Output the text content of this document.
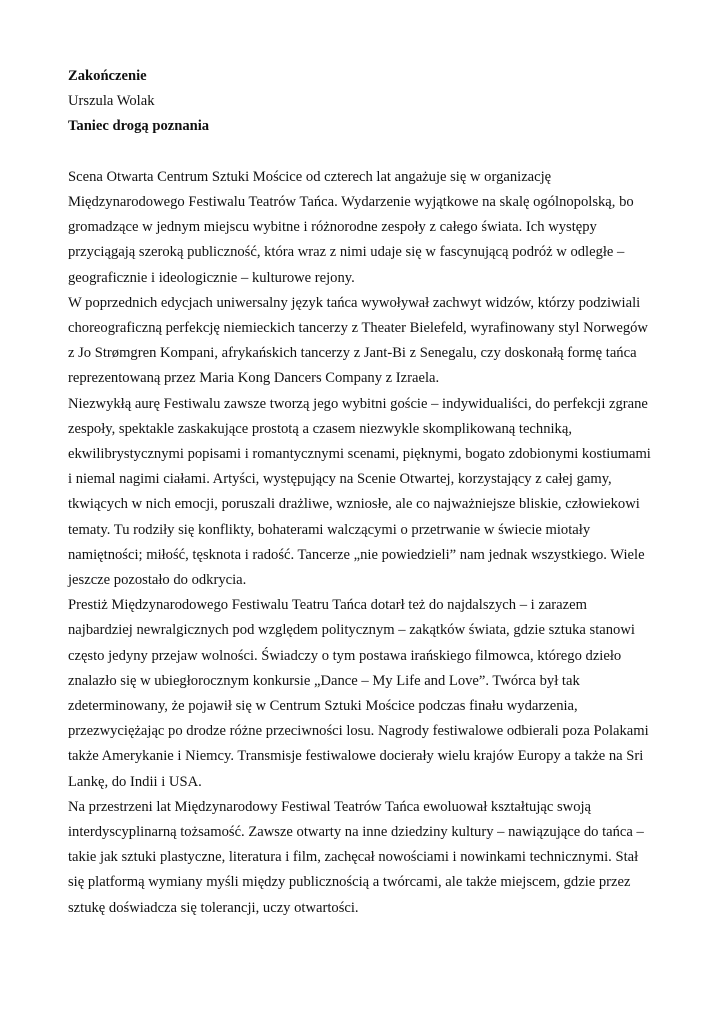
Zakończenie
Urszula Wolak
Taniec drogą poznania

Scena Otwarta Centrum Sztuki Mościce od czterech lat angażuje się w organizację
Międzynarodowego Festiwalu Teatrów Tańca. Wydarzenie wyjątkowe na skalę ogólnopolską, bo
gromadzące w jednym miejscu wybitne i różnorodne zespoły z całego świata. Ich występy
przyciągają szeroką publiczność, która wraz z nimi udaje się w fascynującą podróż w odległe –
geograficznie i ideologicznie – kulturowe rejony.

W poprzednich edycjach uniwersalny język tańca wywoływał zachwyt widzów, którzy podziwiali
choreograficzną perfekcję niemieckich tancerzy z Theater Bielefeld, wyrafinowany styl Norwegów
z Jo Strømgren Kompani, afrykańskich tancerzy z Jant-Bi z Senegalu, czy doskonałą formę tańca
reprezentowaną przez Maria Kong Dancers Company z Izraela.

Niezwykłą aurę Festiwalu zawsze tworzą jego wybitni goście – indywidualiści, do perfekcji zgrane
zespoły, spektakle zaskakujące prostotą a czasem niezwykle skomplikowaną techniką,
ekwilibrystycznymi popisami i romantycznymi scenami, pięknymi, bogato zdobionymi kostiumami
i niemal nagimi ciałami. Artyści, występujący na Scenie Otwartej, korzystający z całej gamy,
tkwiących w nich emocji, poruszali drażliwe, wzniosłe, ale co najważniejsze bliskie, człowiekowi
tematy. Tu rodziły się konflikty, bohaterami walczącymi o przetrwanie w świecie miotały
namiętności; miłość, tęsknota i radość. Tancerze „nie powiedzieli” nam jednak wszystkiego. Wiele
jeszcze pozostało do odkrycia.

Prestiż Międzynarodowego Festiwalu Teatru Tańca dotarł też do najdalszych – i zarazem
najbardziej newralgicznych pod względem politycznym – zakątków świata, gdzie sztuka stanowi
często jedyny przejaw wolności. Świadczy o tym postawa irańskiego filmowca, którego dzieło
znalazło się w ubiegłorocznym konkursie „Dance – My Life and Love”. Twórca był tak
zdeterminowany, że pojawił się w Centrum Sztuki Mościce podczas finału wydarzenia,
przezwyciężając po drodze różne przeciwności losu. Nagrody festiwalowe odbierali poza Polakami
także Amerykanie i Niemcy. Transmisje festiwalowe docierały wielu krajów Europy a także na Sri
Lankę, do Indii i USA.

Na przestrzeni lat Międzynarodowy Festiwal Teatrów Tańca ewoluował kształtując swoją
interdyscyplinarną tożsamość. Zawsze otwarty na inne dziedziny kultury – nawiązujące do tańca –
takie jak sztuki plastyczne, literatura i film, zachęcał nowościami i nowinkami technicznymi. Stał
się platformą wymiany myśli między publicznością a twórcami, ale także miejscem, gdzie przez
sztukę doświadcza się tolerancji, uczy otwartości.
